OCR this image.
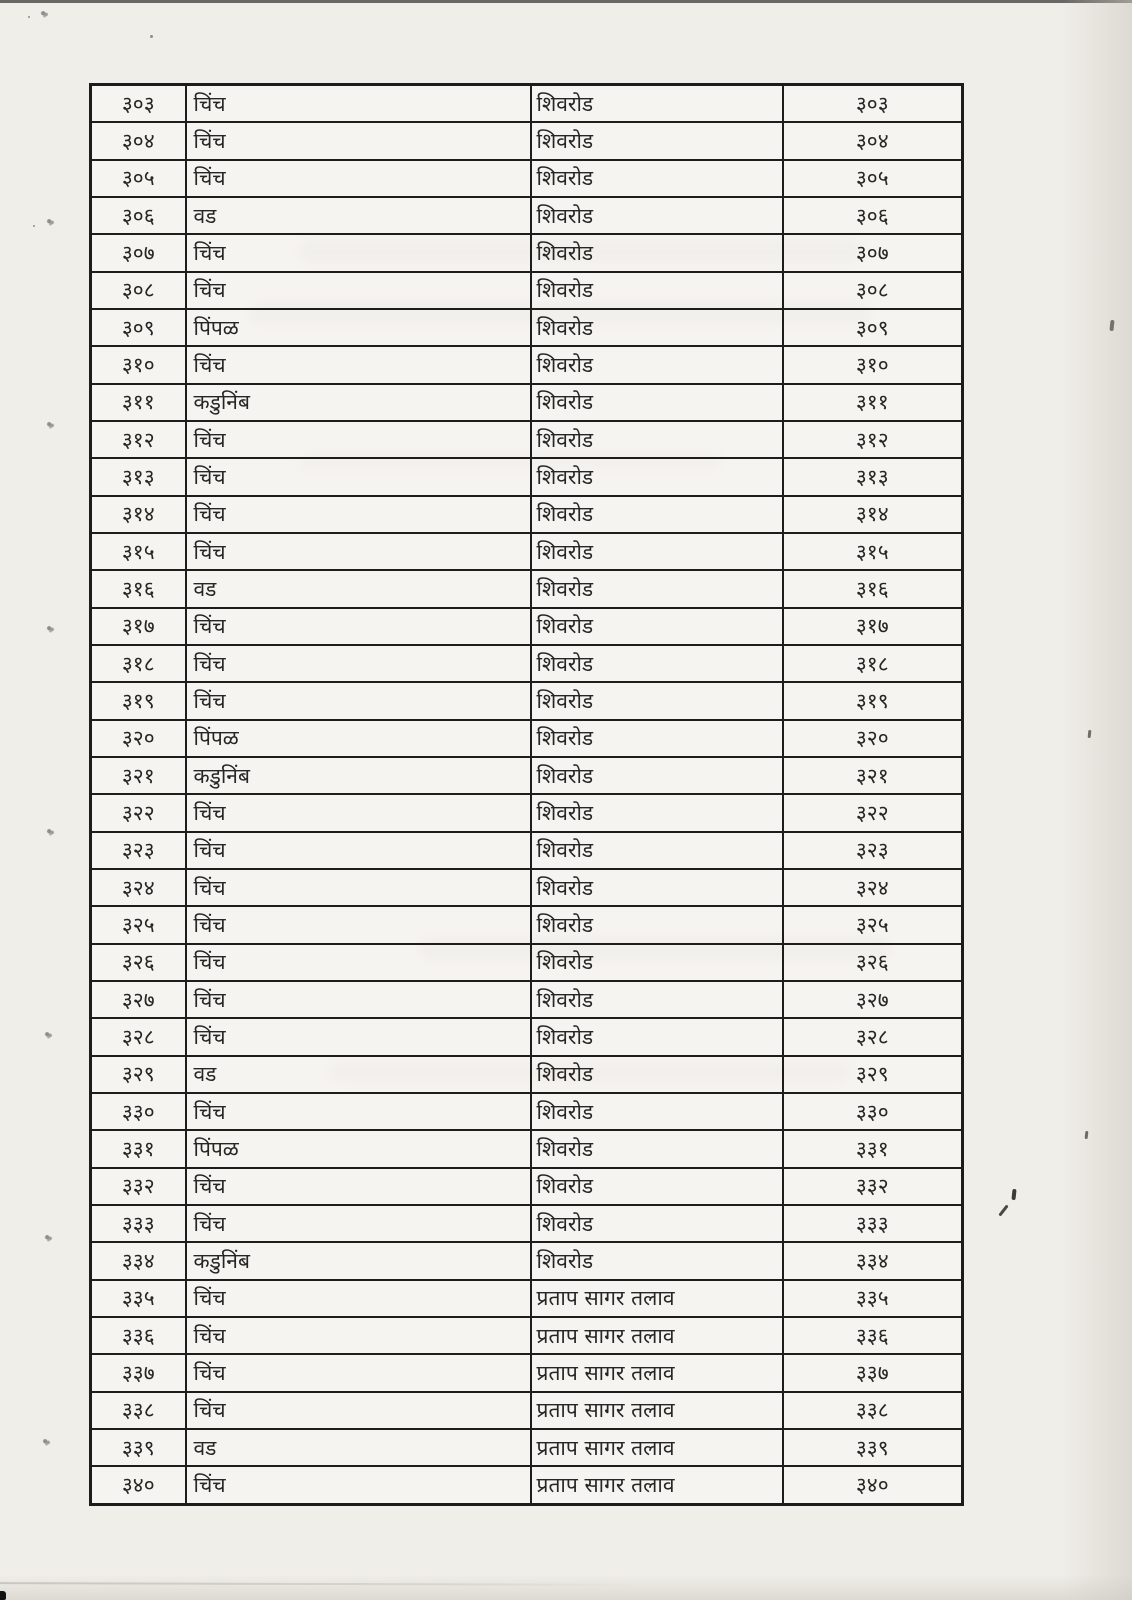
३०३	चिंच	शिवरोड	३०३
३०४	चिंच	शिवरोड	३०४
३०५	चिंच	शिवरोड	३०५
३०६	वड	शिवरोड	३०६
३०७	चिंच	शिवरोड	३०७
३०८	चिंच	शिवरोड	३०८
३०९	पिंपळ	शिवरोड	३०९
३१०	चिंच	शिवरोड	३१०
३११	कडुनिंब	शिवरोड	३११
३१२	चिंच	शिवरोड	३१२
३१३	चिंच	शिवरोड	३१३
३१४	चिंच	शिवरोड	३१४
३१५	चिंच	शिवरोड	३१५
३१६	वड	शिवरोड	३१६
३१७	चिंच	शिवरोड	३१७
३१८	चिंच	शिवरोड	३१८
३१९	चिंच	शिवरोड	३१९
३२०	पिंपळ	शिवरोड	३२०
३२१	कडुनिंब	शिवरोड	३२१
३२२	चिंच	शिवरोड	३२२
३२३	चिंच	शिवरोड	३२३
३२४	चिंच	शिवरोड	३२४
३२५	चिंच	शिवरोड	३२५
३२६	चिंच	शिवरोड	३२६
३२७	चिंच	शिवरोड	३२७
३२८	चिंच	शिवरोड	३२८
३२९	वड	शिवरोड	३२९
३३०	चिंच	शिवरोड	३३०
३३१	पिंपळ	शिवरोड	३३१
३३२	चिंच	शिवरोड	३३२
३३३	चिंच	शिवरोड	३३३
३३४	कडुनिंब	शिवरोड	३३४
३३५	चिंच	प्रताप सागर तलाव	३३५
३३६	चिंच	प्रताप सागर तलाव	३३६
३३७	चिंच	प्रताप सागर तलाव	३३७
३३८	चिंच	प्रताप सागर तलाव	३३८
३३९	वड	प्रताप सागर तलाव	३३९
३४०	चिंच	प्रताप सागर तलाव	३४०
